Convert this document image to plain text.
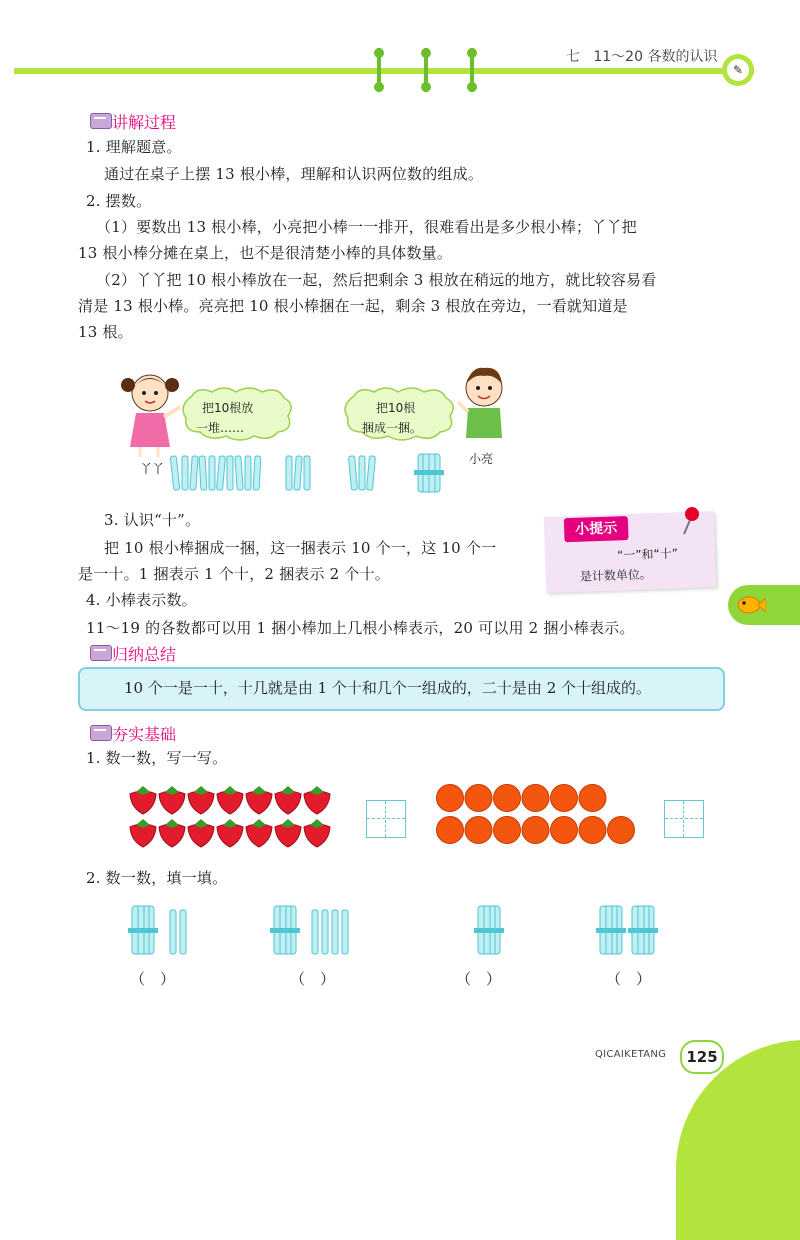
七 11～20 各数的认识
✎
讲解过程
1. 理解题意。
通过在桌子上摆 13 根小棒，理解和认识两位数的组成。
2. 摆数。
（1）要数出 13 根小棒，小亮把小棒一一排开，很难看出是多少根小棒；丫丫把
13 根小棒分摊在桌上，也不是很清楚小棒的具体数量。
（2）丫丫把 10 根小棒放在一起，然后把剩余 3 根放在稍远的地方，就比较容易看
清是 13 根小棒。亮亮把 10 根小棒捆在一起，剩余 3 根放在旁边，一看就知道是
13 根。
丫丫
把10根放
一堆……
把10根
捆成一捆。
小亮
3. 认识“十”。
把 10 根小棒捆成一捆，这一捆表示 10 个一，这 10 个一
是一十。1 捆表示 1 个十，2 捆表示 2 个十。
4. 小棒表示数。
11～19 的各数都可以用 1 捆小棒加上几根小棒表示，20 可以用 2 捆小棒表示。
小提示
“一”和“十”
是计数单位。
归纳总结
10 个一是一十，十几就是由 1 个十和几个一组成的，二十是由 2 个十组成的。
夯实基础
1. 数一数，写一写。
2. 数一数，填一填。
（　）	（　）	（　）	（　）
QICAIKETANG	125
